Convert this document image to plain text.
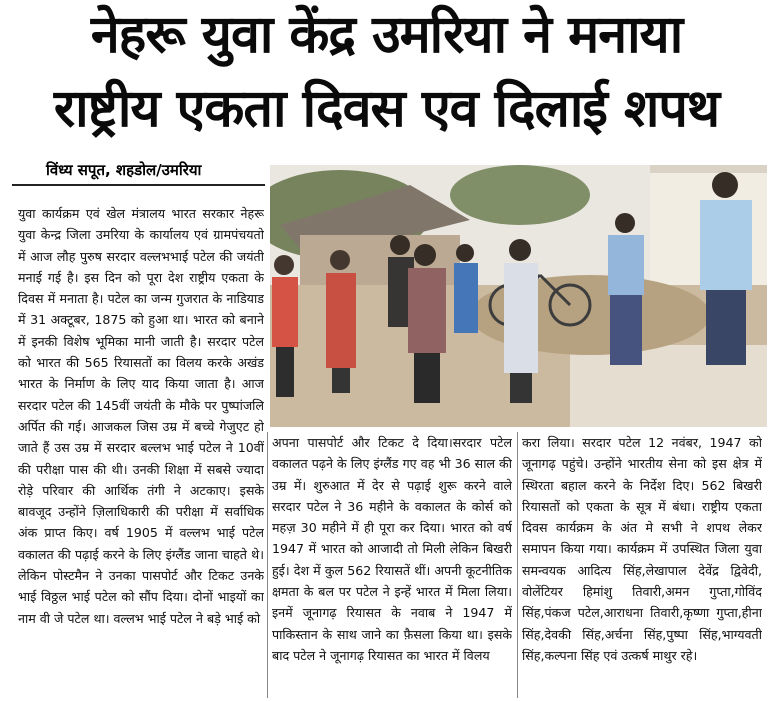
नेहरू युवा केंद्र उमरिया ने मनाया
राष्ट्रीय एकता दिवस एव दिलाई शपथ
विंध्य सपूत, शहडोल/उमरिया
युवा कार्यक्रम एवं खेल मंत्रालय भारत सरकार नेहरू युवा केन्द्र जिला उमरिया के कार्यालय एवं ग्रामपंचयतो में आज लौह पुरुष सरदार वल्लभभाई पटेल की जयंती मनाई गई है। इस दिन को पूरा देश राष्ट्रीय एकता के दिवस में मनाता है। पटेल का जन्म गुजरात के नाडियाड में 31 अक्टूबर, 1875 को हुआ था। भारत को बनाने में इनकी विशेष भूमिका मानी जाती है। सरदार पटेल को भारत की 565 रियासतों का विलय करके अखंड भारत के निर्माण के लिए याद किया जाता है। आज सरदार पटेल की 145वीं जयंती के मौके पर पुष्पांजलि अर्पित की गई। आजकल जिस उम्र में बच्चे गेजुएट हो जाते हैं उस उम्र में सरदार बल्लभ भाई पटेल ने 10वीं की परीक्षा पास की थी। उनकी शिक्षा में सबसे ज्यादा रोड़े परिवार की आर्थिक तंगी ने अटकाए। इसके बावजूद उन्होंने ज़िलाधिकारी की परीक्षा में सर्वाधिक अंक प्राप्त किए। वर्ष 1905 में वल्लभ भाई पटेल वकालत की पढ़ाई करने के लिए इंग्लैंड जाना चाहते थे। लेकिन पोस्टमैन ने उनका पासपोर्ट और टिकट उनके भाई विठ्ठल भाई पटेल को सौंप दिया। दोनों भाइयों का नाम वी जे पटेल था। वल्लभ भाई पटेल ने बड़े भाई को
अपना पासपोर्ट और टिकट दे दिया।सरदार पटेल वकालत पढ़ने के लिए इंग्लैंड गए वह भी 36 साल की उम्र में। शुरुआत में देर से पढ़ाई शुरू करने वाले सरदार पटेल ने 36 महीने के वकालत के कोर्स को महज़ 30 महीने में ही पूरा कर दिया। भारत को वर्ष 1947 में भारत को आजादी तो मिली लेकिन बिखरी हुई। देश में कुल 562 रियासतें थीं। अपनी कूटनीतिक क्षमता के बल पर पटेल ने इन्हें भारत में मिला लिया। इनमें जूनागढ़ रियासत के नवाब ने 1947 में पाकिस्तान के साथ जाने का फ़ैसला किया था। इसके बाद पटेल ने जूनागढ़ रियासत का भारत में विलय
करा लिया। सरदार पटेल 12 नवंबर, 1947 को जूनागढ़ पहुंचे। उन्होंने भारतीय सेना को इस क्षेत्र में स्थिरता बहाल करने के निर्देश दिए। 562 बिखरी रियासतों को एकता के सूत्र में बंधा। राष्ट्रीय एकता दिवस कार्यक्रम के अंत मे सभी ने शपथ लेकर समापन किया गया। कार्यक्रम में उपस्थित जिला युवा समन्वयक आदित्य सिंह,लेखापाल देवेंद्र द्विवेदी, वोलेंटियर हिमांशु तिवारी,अमन गुप्ता,गोविंद सिंह,पंकज पटेल,आराधना तिवारी,कृष्णा गुप्ता,हीना सिंह,देवकी सिंह,अर्चना सिंह,पुष्पा सिंह,भाग्यवती सिंह,कल्पना सिंह एवं उत्कर्ष माथुर रहे।
